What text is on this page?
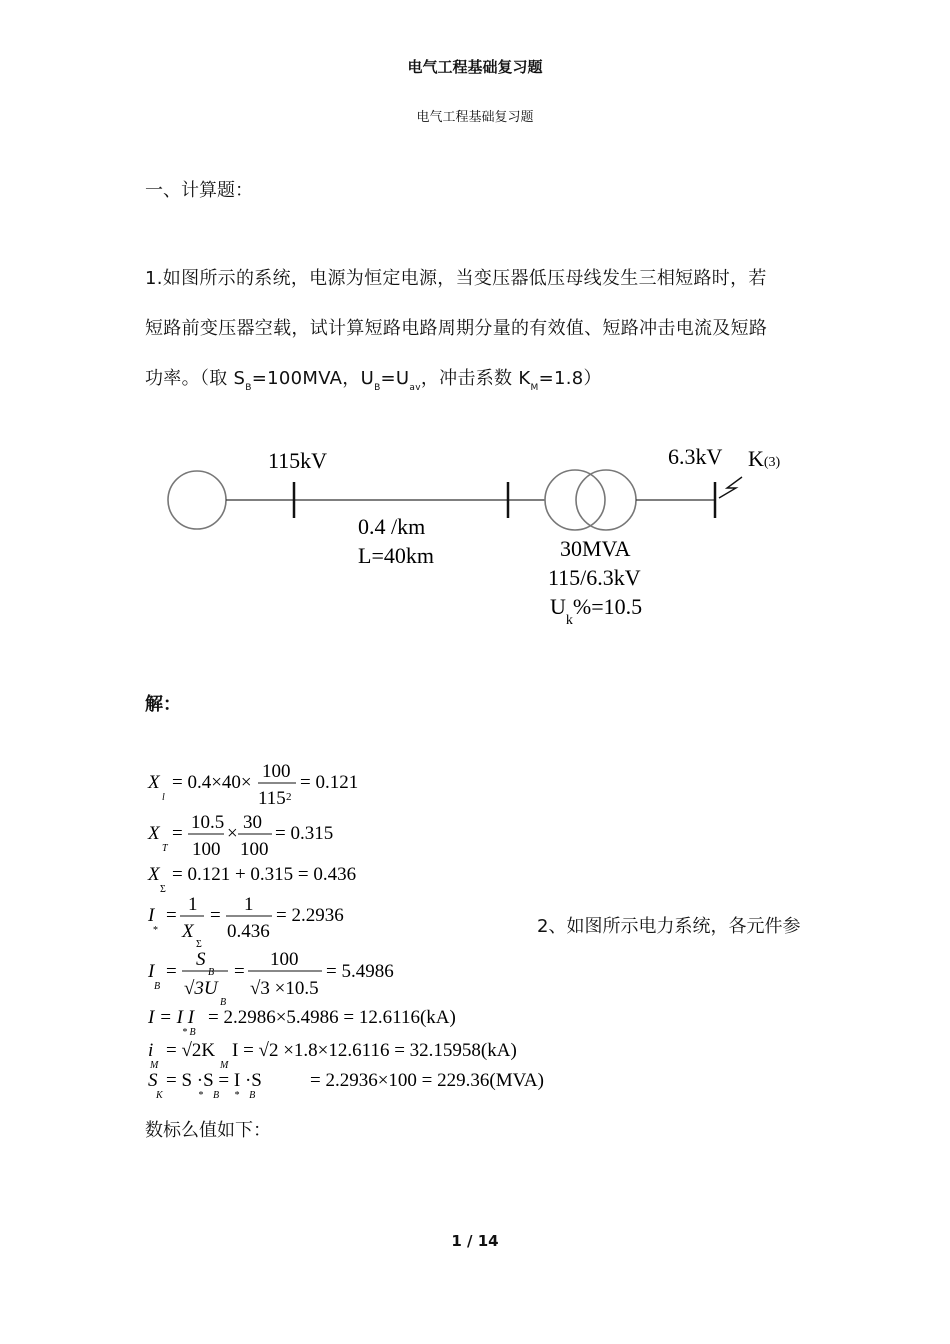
电气工程基础复习题
电气工程基础复习题
一、计算题：
1.如图所示的系统，电源为恒定电源，当变压器低压母线发生三相短路时，若
短路前变压器空载，试计算短路电路周期分量的有效值、短路冲击电流及短路
功率。（取 $S_B=100MVA$，$U_B=U_{av}$，冲击系数 $K_M=1.8$）
115kV	6.3kV K(3)
0.4 /km
L=40km	30MVA
115/6.3kV
$U_k\%=10.5$
解：
X
l
= 0.4×40×
100
115 2
= 0.121
X
T
=
10.5
100
×
30
100
= 0.315
X
Σ
= 0.121 + 0.315 = 0.436
I
*
=
1
X
Σ
=
1
0.436
= 2.2936
I
B
=
S
B
√3U
B
=
100
√3 ×10.5
= 5.4986
I = I I
* B
= 2.2986×5.4986 = 12.6116(kA)
i
M
= √2K
M
I = √2 ×1.8×12.6116 = 32.15958(kA)
S
K
= S ·S = I ·S
*    B      *    B
= 2.2936×100 = 229.36(MVA)
2、如图所示电力系统，各元件参
数标么值如下：
1 / 14
